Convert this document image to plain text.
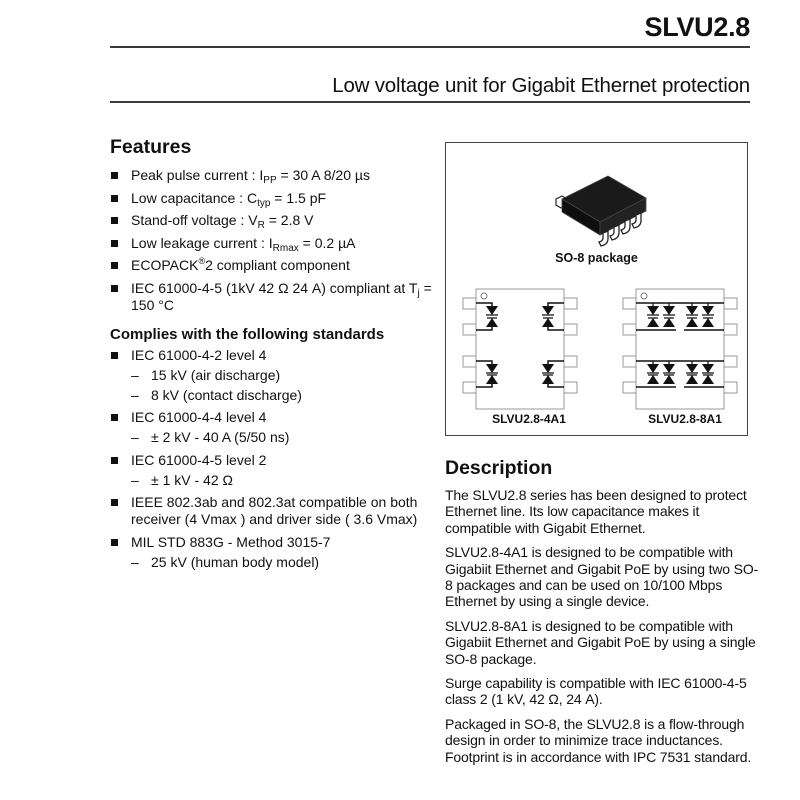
SLVU2.8
Low voltage unit for Gigabit Ethernet protection
Features
Peak pulse current : $I_{PP} = 30$ A 8/20 µs
Low capacitance : $C_{typ} = 1.5$ pF
Stand-off voltage : $V_R = 2.8$ V
Low leakage current : $I_{Rmax} = 0.2$ µA
ECOPACK®2 compliant component
IEC 61000-4-5 (1kV 42 Ω 24 A) compliant at $T_j = 150$ °C
Complies with the following standards
IEC 61000-4-2 level 4
– 15 kV (air discharge)
– 8 kV (contact discharge)
IEC 61000-4-4 level 4
– ± 2 kV - 40 A (5/50 ns)
IEC 61000-4-5 level 2
– ± 1 kV - 42 Ω
IEEE 802.3ab and 802.3at compatible on both receiver (4 Vmax ) and driver side ( 3.6 Vmax)
MIL STD 883G - Method 3015-7
– 25 kV (human body model)
SO-8 package
SLVU2.8-4A1	SLVU2.8-8A1
Description

The SLVU2.8 series has been designed to protect Ethernet line. Its low capacitance makes it compatible with Gigabit Ethernet.

SLVU2.8-4A1 is designed to be compatible with Gigabiit Ethernet and Gigabit PoE by using two SO-8 packages and can be used on 10/100 Mbps Ethernet by using a single device.

SLVU2.8-8A1 is designed to be compatible with Gigabiit Ethernet and Gigabit PoE by using a single SO-8 package.

Surge capability is compatible with IEC 61000-4-5 class 2 (1 kV, 42 Ω, 24 A).

Packaged in SO-8, the SLVU2.8 is a flow-through design in order to minimize trace inductances. Footprint is in accordance with IPC 7531 standard.
